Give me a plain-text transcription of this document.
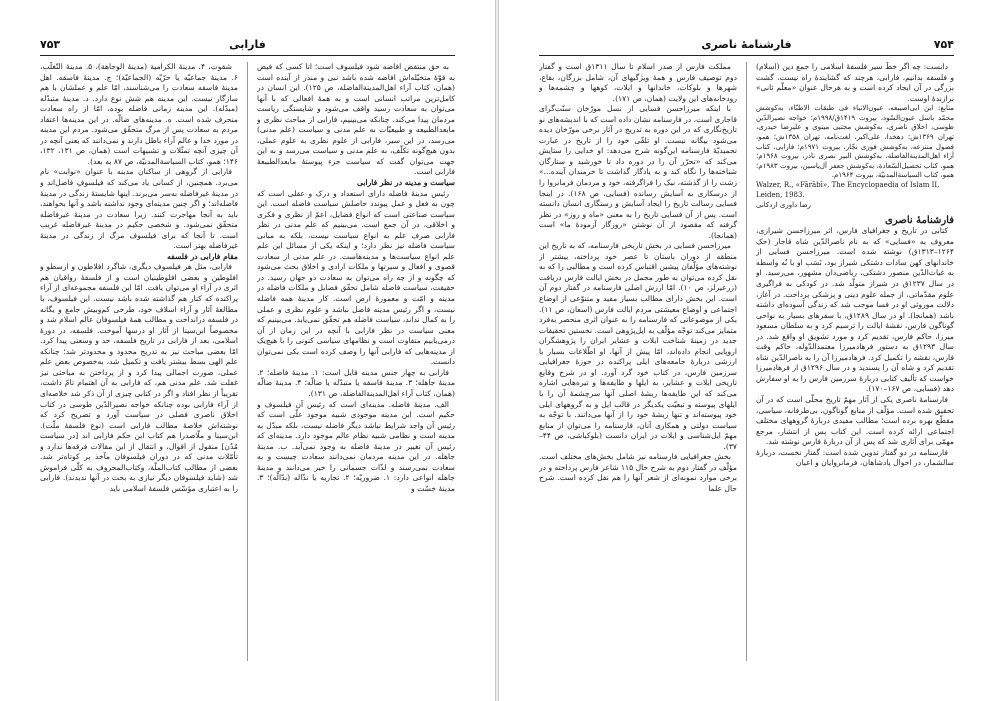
۷۵۳	فارابی

به حق منتقض افاضه شود فیلسوف است؛ اتا کسی که فیض به قوّهٔ متخیّله‌اش افاضه شده باشد نبی و منذر از آینده است (همان، کتاب آراء اهل‌المدینةالفاضلة، ص ۱۲۵). این انسان در کامل‌ترین مراتب انسانی است و به همهٔ افعالی که با آنها می‌توان به سعادت رسید واقف می‌شود و شایستگی ریاست مردمان پیدا می‌کند. چنانکه می‌بینیم، فارابی از مباحث نظری و مابعدالطبیعه و طبیعیّات به علم مدنی و سیاست (علم مدنی) می‌رسد، در این سیر، فارابی از علوم نظری به علوم عملی، بدون هیچ‌گونه تکلّف، به علم مدنی و سیاست می‌رسد و به این جهت می‌توان گفت که سیاست جزء پیوستهٔ مابعدالطبیعهٔ فارابی است.

سیاست و مدینه در نظر فارابی

رئیس مدینهٔ فاضله دارای استعداد و درک و عقلی است که چون به فعل و عمل پیوندد حاصلش سیاست فاضله است. این سیاست صناعتی است که انواع فضایل، اعمّ از نظری و فکری و اخلاقی، در آن جمع است. می‌بینیم که علم مدنی در نظر فارابی صرف علم به انواع سیاست نیست، بلکه به مبانی سیاست فاضله نیز نظر دارد؛ و اینکه یکی از مسائل این علم علم انواع سیاست‌ها و مدینه‌هاست. در علم مدنی از سعادت قصوی و افعال و سیرتها و ملکات ارادی و اخلاق بحث می‌شود که چگونه و از چه راه می‌توان به سعادت دو جهان رسید. در حقیقت، سیاست فاضله شامل تحقّق فضایل و ملکات فاضله در مدینه و امّت و معمورهٔ ارض است. کار مدینهٔ همه فاضله نیست، و اگر رئیس مدینه فاضل نباشد و علوم نظری و عملی را به کمال نداند، سیاست فاضله هم تحقّق نمی‌یابد. می‌بینیم که معنی سیاست در نظر فارابی با آنچه در این زمان از آن درمی‌یابیم متفاوت است و نظامهای سیاسی کنونی را با هیچ‌یک از مدینه‌هایی که فارابی آنها را وصف کرده است یکی نمی‌توان دانست.

فارابی به چهار جنس مدینه قایل است: ۱. مدینهٔ فاضله؛ ۲. مدینهٔ جاهله؛ ۳. مدینهٔ فاسقه یا متبدّله یا ضالّه؛ ۴. مدینهٔ ضالّه (همان، کتاب آراء اهل‌المدینةالفاضلة، ص ۱۳۱).

الف. مدینهٔ فاضله. مدینه‌ای است که رئیس آن فیلسوف و حکیم است. این مدینه موجودی شبیه موجود علّی است که رئیس آن واجد شرایط نباشد دیگر فاضله نیست، بلکه مبدّل به مدینه است و نظامی شبیه نظام عالم موجود دارد. مدینه‌ای که رئیس آن تغییر در مدینهٔ فاضله به وجود نمی‌آید. ب. مدینهٔ جاهله. در این مدینه مردمان نمی‌دانند سعادت چیست و به سعادت نمی‌رسند و لذّات جسمانی را خیر می‌دانند و مدینهٔ جاهله انواعی دارد: ۱. ضروریّه؛ ۲. تجاریه یا نذّاله (بدّالّه)؛ ۳. مدینهٔ خسّت و

شقوت، ۴. مدینهٔ الکرامیة (مدینهٔ الوجاهة)، ۵. مدینهٔ التّغلّب، ۶. مدینهٔ جماعیّه یا حرّیّه (الجماعیّة)؛ ج. مدینهٔ فاسقه. اهل مدینهٔ فاسقه سعادت را می‌شناسند، امّا علم و عملشان با هم سازگار نیست. این مدینه هم شش نوع دارد. د. مدینهٔ متبدّله (مبدّله). این مدینه زمانی فاضله بوده، امّا از راه سعادت منحرف شده است. ه. مدینه‌های ضالّه. در این مدینه‌ها اعتقاد مردم به سعادت پس از مرگ متحقّق می‌شود. مردم این مدینه در مورد خدا و عالم آراء باطل دارند و نمی‌دانند که یعنی آنچه در آن چیزی آنچه تمثّلات و تشبیهات است (همان، ص ۱۳۱، ۱۳۲، ۱۴۶؛ همو، کتاب السیاسةالمدنیّة، ص ۸۷ به بعد).

فارابی از گروهی از ساکنان مدینه با عنوان «نوابت» نام می‌برد. همچنین، از کسانی یاد می‌کند که فیلسوفِ فاضل‌اند و در مدینهٔ غیرفاضله به‌سر می‌برند. اینها شایستهٔ زندگی در مدینهٔ فاضله‌اند؛ و اگر چنین مدینه‌ای وجود نداشته باشد و آنها بخواهند، باید به آنجا مهاجرت کنند. زیرا سعادت در مدینهٔ غیرفاضله متحقّق نمی‌شود. و شخصی حکیم در مدینهٔ غیرفاضله غریب است. تا آنجا که برای فیلسوف مرگ از زندگی در مدینهٔ غیرفاضله بهتر است.

مقام فارابی در فلسفه

فارابی، مثل هر فیلسوف دیگری، شاگرد افلاطون و ارسطو و افلوطین و بعضی افلوطینیان است و از فلسفهٔ رواقیان هم اثری در آراء او می‌توان یافت. امّا این فلسفه مجموعه‌ای از آراء پراکنده که کنار هم گذاشته شده باشد نیست. این فیلسوف، با مطالعهٔ آثار و آراء اسلاف خود، طرحی کم‌وبیش جامع و یگانه در فلسفه درانداخت و مطالب همهٔ فیلسوفان عالم اسلام شد و مخصوصاً ابن‌سینا از آثار او درسها آموخت. فلسفه، در دورهٔ اسلامی، بعد از فارابی در تاریخ فلسفه، حد و وسعتی پیدا کرد. امّا بعضی مباحث نیز به تدریج محدود و محدودتر شد؛ چنانکه علم الهی بسط بیشتر یافت و تکمیل شد، به‌خصوص بعض علم عملی، صورت اجمالی پیدا کرد و از پرداختن به مباحثی نیز غفلت شد. علم مدنی هم، که فارابی به آن اهتمام تامّ داشت، تقریباً از نظر افتاد و اگر در کتابی چیزی از آن ذکر شد خلاصه‌ای از آراء فارابی بوده چنانکه خواجه نصیرالدّین طوسی در کتاب اخلاق ناصری فصلی در سیاست آورد و تصریح کرد که نوشته‌اش خلاصهٔ مطالب فارابی است (نوع فلسفهٔ ملّت). ابن‌سینا و ملّاصدرا هم کتاب ابن حکم فارابی اند [در سیاست مُدُن] منقول از اقوال، و انتقال از ابن مقالات فرقه‌ها ندارد و تأمّلات مدنی که در دوران فیلسوفان مآخذ بر کوتاه‌تر شد. بعضی از مطالب کتاب‌الملّة، وکتاب‌المحروف به کلّی فراموش شد (شاید فیلسوفان دیگر نیازی به بحث در آنها ندیدند). فارابی را به اعتباری مؤسّس فلسفهٔ اسلامی باید

۷۵۴
فارشنامهٔ ناصری

دانست: چه اگر خطّ سیر فلسفهٔ اسلامی را جمع دین (اسلام) و فلسفه بدانیم، فارابی، هرچند که گشایندهٔ راه نیست، گشت بزرگی در آن ایجاد کرده است و به هرحال عنوان «معلّم ثانی» برازندهٔ اوست.

منابع: ابن ابی‌اصیبعه، عیون‌الانباء فی طبقات الاطبّاء، به‌کوشش محمّد باسل عیون‌السّود، بیروت ۱۴۱۹ق/۱۹۹۸م؛ خواجه نصیرالدّین طوسی، اخلاق ناصری، به‌کوشش مجتبی مینوی و علیرضا حیدری، تهران ۱۳۶۹ش؛ دهخدا، علی‌اکبر، لغت‌نامه، تهران ۱۳۵۸ش؛ همو، فصول منتزعه، به‌کوشش فوزی نجّار، بیروت ۱۹۷۱م؛ فارابی، کتاب آراء اهل‌المدینةالفاضلة، به‌کوشش البیر نصری نادر، بیروت ۱۹۶۸م؛ همو، کتاب تحصیل‌السّعادة، به‌کوشش جعفر آل‌یاسین، بیروت ۱۹۸۳م؛ همو، کتاب السیاسةالمدنیّة، بیروت ۱۹۶۴م.

Walzer, R., «Fārābī», The Encyclopaedia of Islam II, Leiden, 1983.

رضا داوری اردکانی

فارشنامهٔ ناصری

کتابی در تاریخ و جغرافیای فارس، اثر میرزاحسن شیرازی، معروف به «فسایی» که به نام ناصرالدّین شاه قاجار (حک ۱۲۶۴–۱۳۱۳ق) نوشته شده است. میرزاحسن فسایی از خاندانهای کهن سادات دشتکی شیراز بود، نَسَب او با نُه واسطه به غیاث‌الدّین منصور دشتکی، ریاضی‌دان مشهور، می‌رسید. او در سال ۱۲۳۷ق در شیراز متولّد شد. در کودکی به فراگیری علوم مقدّماتی، از جمله علوم دینی و پزشکی پرداخت. در آغاز، دلالت موروثی او در فسا موجب شد که زندگی آسوده‌ای داشته باشد (همانجا). او در سال ۱۲۸۹ق، با سفرهای بسیار به نواحی گوناگون فارس، نقشهٔ ایالت را ترسیم کرد و به سلطان مسعود میرزا، حاکم فارس، تقدیم کرد و مورد تشویق او واقع شد. در سال ۱۲۹۳ق به دستور فرهادمیرزا معتمدالدّوله، حاکم وقت فارس، نقشه را تکمیل کرد. فرهادمیرزا آن را به ناصرالدّین شاه تقدیم کرد و شاه آن را پسندید و در سال ۱۲۹۶ق از فرهادمیرزا خواست که تألیف کتابی دربارهٔ سرزمین فارس را به او سفارش دهد (فسایی، ص ۱۶۷–۱۷۰).

فارسنامهٔ ناصری یکی از آثار مهمّ تاریخ محلّی است که در آن تحقیق شده است. مؤلّف از منابع گوناگون، بی‌طرفانه، سیاسی، مقطّع بهره برده است؛ مطالب مفیدی دربارهٔ گروههای مختلف اجتماعی ارائه کرده است. این کتاب پس از انتشار، مرجع مهمّی برای آثاری شد که پس از آن دربارهٔ فارس نوشته شد.

فارسنامه در دو گفتار تدوین شده است: گفتار نخست، دربارهٔ سالشمار، در احوال پادشاهان، فرمانروایان و اعیان

مملکت فارس از صدر اسلام تا سال ۱۳۱۱ق است و گفتار دوم توصیف فارس و همهٔ ویژگیهای آن، شامل بزرگان، بقاع، شهرها و بلوکات، خاندانها و ایلات، کوهها و چشمه‌ها و رودخانه‌های این ولایت (همان، ص ۱۷۱).

با اینکه میرزاحسن فسایی از نسل مورّخان سنّت‌گرای قاجاری است، در فارسنامه نشان داده است که با اندیشه‌های نو تاریخ‌نگاری که در این دوره به تدریج در آثار برخی مورّخان دیده می‌شود بیگانه نیست. او تلقّی خود را از تاریخ در عبارت تحمیدیّهٔ فارسنامه این‌گونه شرح می‌دهد: او خدایی را ستایش می‌کند که «تحرّر آن را در دوره داد تا خورشید و ستارگان شناخته‌ها را نگاه کند و به یادگار گذاشت تا خرمندان آینده...» زشت را از گذشته، نیک را فراگرفته، خود و مردمان فرمانروا را از درسکاری به آسایش رسانده (فسایی، ص ۱۶۸). در اینجا فسایی رسالت تاریخ را ایجاد آسایش و رستگاری انسان دانسته است. پس از آن فسایی تاریخ را به معنی «ماه و روز» در نظر گرفته که مقصود از آن نوشتن «روزگار آزمودهٔ ما» است (همانجا).

میرزاحسن فسایی در بخش تاریخی فارسنامه، که به تاریخ این منطقه از دوران باستان تا عصر خود پرداخته، بیشتر از نوشته‌های مؤلّفان پیشین اقتباس کرده است و مطالبی را که به نقل کرده می‌توان به طور مجمل در بخش ایالت فارس دریافت (زرعیرلز، ص ۱۰). امّا ارزش اصلی فارسنامه در گفتار دوم آن است. این بخش دارای مطالب بسیار مفید و متنوّعی از اوضاع اجتماعی و اوضاع معیشتی مردم ایالت فارس (اسعان، ص ۱۱). یکی از موضوعاتی که فارسنامه را به عنوان اثری منحصر به‌فرد متمایز می‌کند توجّه مؤلّف به ایل‌پژوهی است. نخستین تحقیقات جدید در زمینهٔ شناخت ایلات و عشایر ایران را پژوهشگران اروپایی انجام داده‌اند، امّا پیش از آنها، او اطّلاعات بسیار با ارزشی دربارهٔ جامعه‌های ایلی پراکنده در حوزهٔ جغرافیایی سرزمین فارس، در کتاب خود گرد آورد. او در شرح وقایع تاریخی ایلات و عشایر، به ایلها و طایفه‌ها و تیره‌هایی اشاره می‌کند که این طایفه‌ها ریشهٔ اصلی آنها سرچشمهٔ آن را با ایلهای پیوسته و تبعیّت یکدیگر در قالب ایل و به گروههای ایلی خود پیوسته‌اند و تنها ریشهٔ خود را از آنها می‌دانند. با توجّه به سیاست دولتی و همکاری آنان، فارسنامه را می‌توان از منابع مهمّ ایل‌شناسی و ایلات در ایران دانست (بلوکباشی، ص ۴۴–۳۷).

بخش جغرافیایی فارسنامه نیز شامل بخش‌های مختلف است. مؤلّف در گفتار دوم به شرح حال ۱۱۵ شاعر فارس پرداخته و در برخی موارد نمونه‌ای از شعر آنها را هم نقل کرده است. شرح حال علما
